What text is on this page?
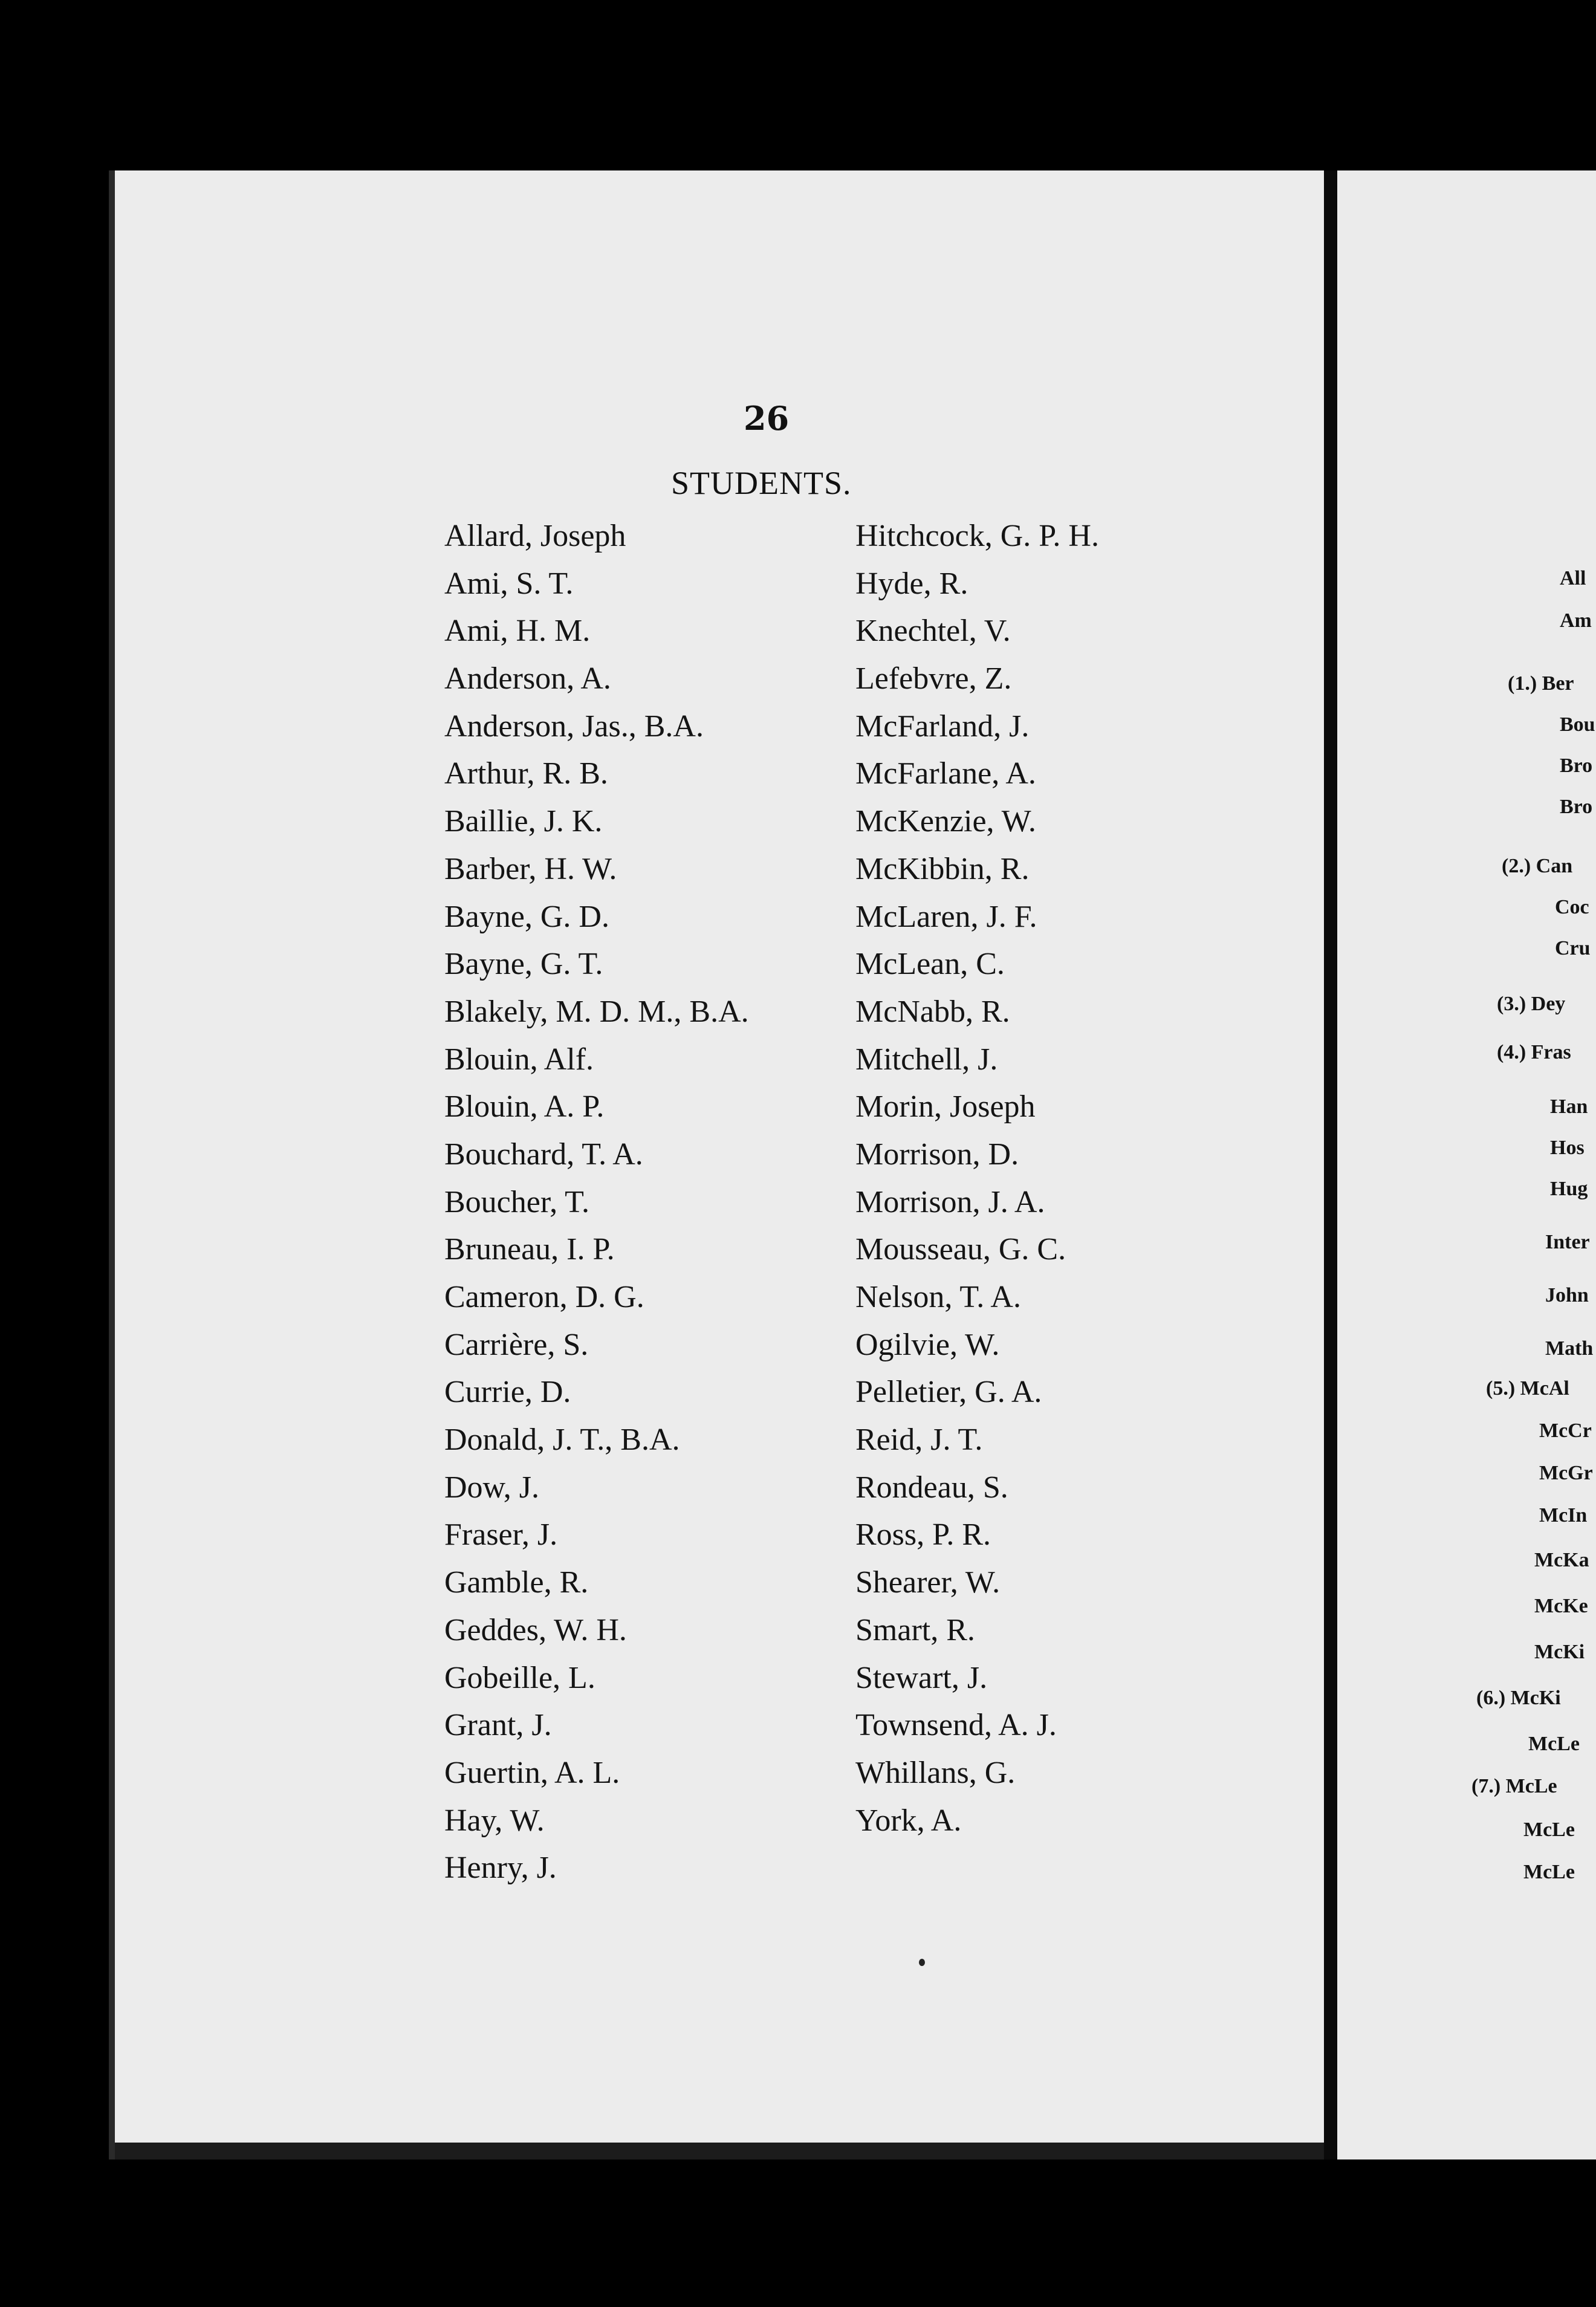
All
Am
(1.) Ber
Bou
Bro
Bro
(2.) Can
Coc
Cru
(3.) Dey
(4.) Fras
Han
Hos
Hug
Inter
John
Math
(5.) McAl
McCr
McGr
McIn
McKa
McKe
McKi
(6.) McKi
McLe
(7.) McLe
McLe
McLe
26
STUDENTS.
Allard, Joseph
Ami, S. T.
Ami, H. M.
Anderson, A.
Anderson, Jas., B.A.
Arthur, R. B.
Baillie, J. K.
Barber, H. W.
Bayne, G. D.
Bayne, G. T.
Blakely, M. D. M., B.A.
Blouin, Alf.
Blouin, A. P.
Bouchard, T. A.
Boucher, T.
Bruneau, I. P.
Cameron, D. G.
Carrière, S.
Currie, D.
Donald, J. T., B.A.
Dow, J.
Fraser, J.
Gamble, R.
Geddes, W. H.
Gobeille, L.
Grant, J.
Guertin, A. L.
Hay, W.
Henry, J.
Hitchcock, G. P. H.
Hyde, R.
Knechtel, V.
Lefebvre, Z.
McFarland, J.
McFarlane, A.
McKenzie, W.
McKibbin, R.
McLaren, J. F.
McLean, C.
McNabb, R.
Mitchell, J.
Morin, Joseph
Morrison, D.
Morrison, J. A.
Mousseau, G. C.
Nelson, T. A.
Ogilvie, W.
Pelletier, G. A.
Reid, J. T.
Rondeau, S.
Ross, P. R.
Shearer, W.
Smart, R.
Stewart, J.
Townsend, A. J.
Whillans, G.
York, A.
